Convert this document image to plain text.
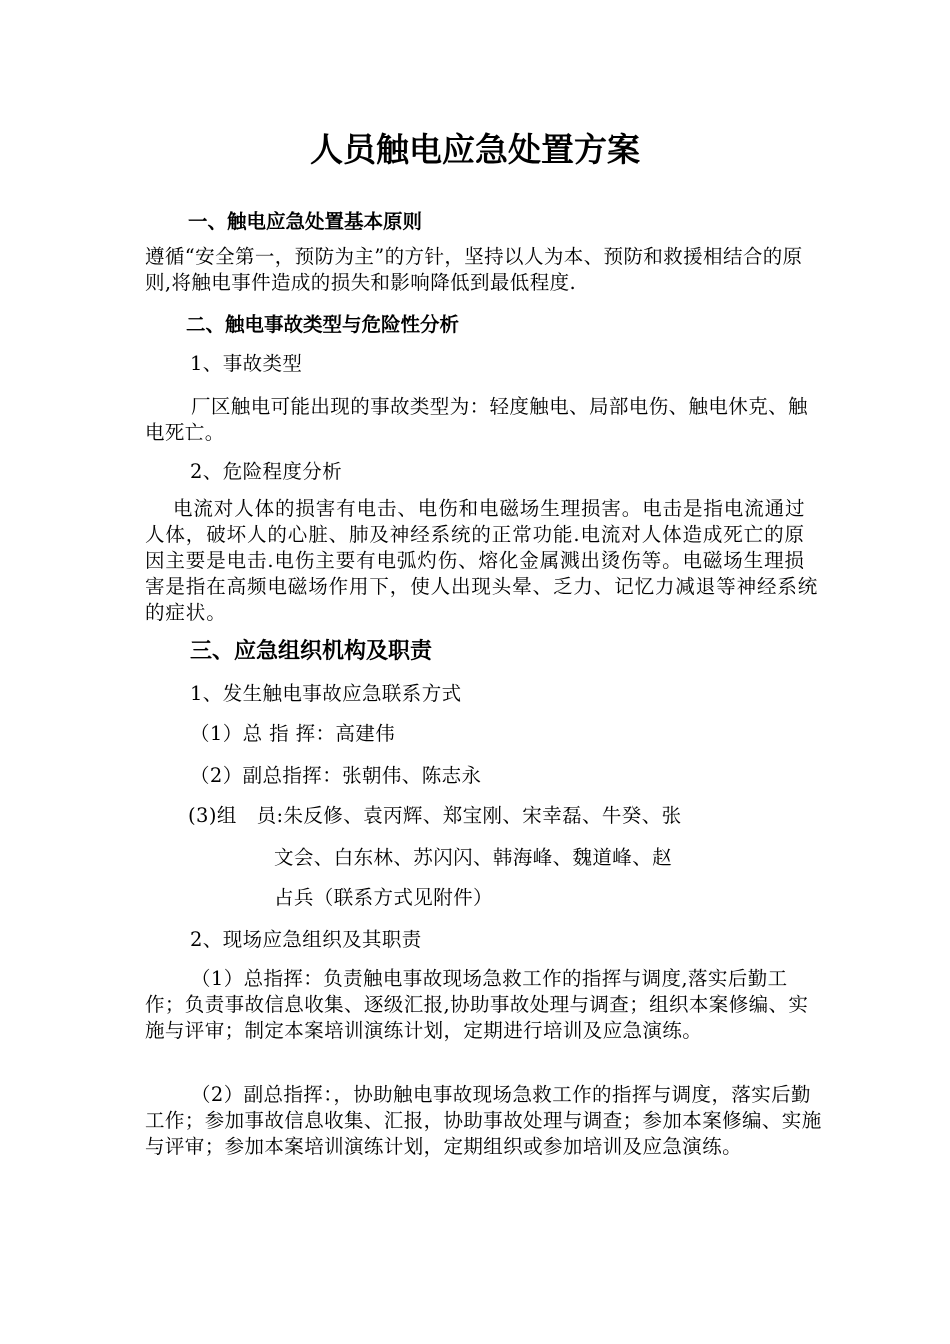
人员触电应急处置方案
一、触电应急处置基本原则

遵循“安全第一，预防为主”的方针，坚持以人为本、预防和救援相结合的原则,将触电事件造成的损失和影响降低到最低程度.

二、触电事故类型与危险性分析

1、事故类型

厂区触电可能出现的事故类型为：轻度触电、局部电伤、触电休克、触电死亡。

2、危险程度分析

电流对人体的损害有电击、电伤和电磁场生理损害。电击是指电流通过人体，破坏人的心脏、肺及神经系统的正常功能.电流对人体造成死亡的原因主要是电击.电伤主要有电弧灼伤、熔化金属溅出烫伤等。电磁场生理损害是指在高频电磁场作用下，使人出现头晕、乏力、记忆力减退等神经系统的症状。

三、应急组织机构及职责

1、发生触电事故应急联系方式

（1）总 指 挥：高建伟

（2）副总指挥：张朝伟、陈志永

(3)组　员:朱反修、袁丙辉、郑宝刚、宋幸磊、牛癸、张

文会、白东林、苏闪闪、韩海峰、魏道峰、赵

占兵（联系方式见附件）

2、现场应急组织及其职责

（1）总指挥：负责触电事故现场急救工作的指挥与调度,落实后勤工作；负责事故信息收集、逐级汇报,协助事故处理与调查；组织本案修编、实施与评审；制定本案培训演练计划，定期进行培训及应急演练。

（2）副总指挥：，协助触电事故现场急救工作的指挥与调度，落实后勤工作；参加事故信息收集、汇报，协助事故处理与调查；参加本案修编、实施与评审；参加本案培训演练计划，定期组织或参加培训及应急演练。
